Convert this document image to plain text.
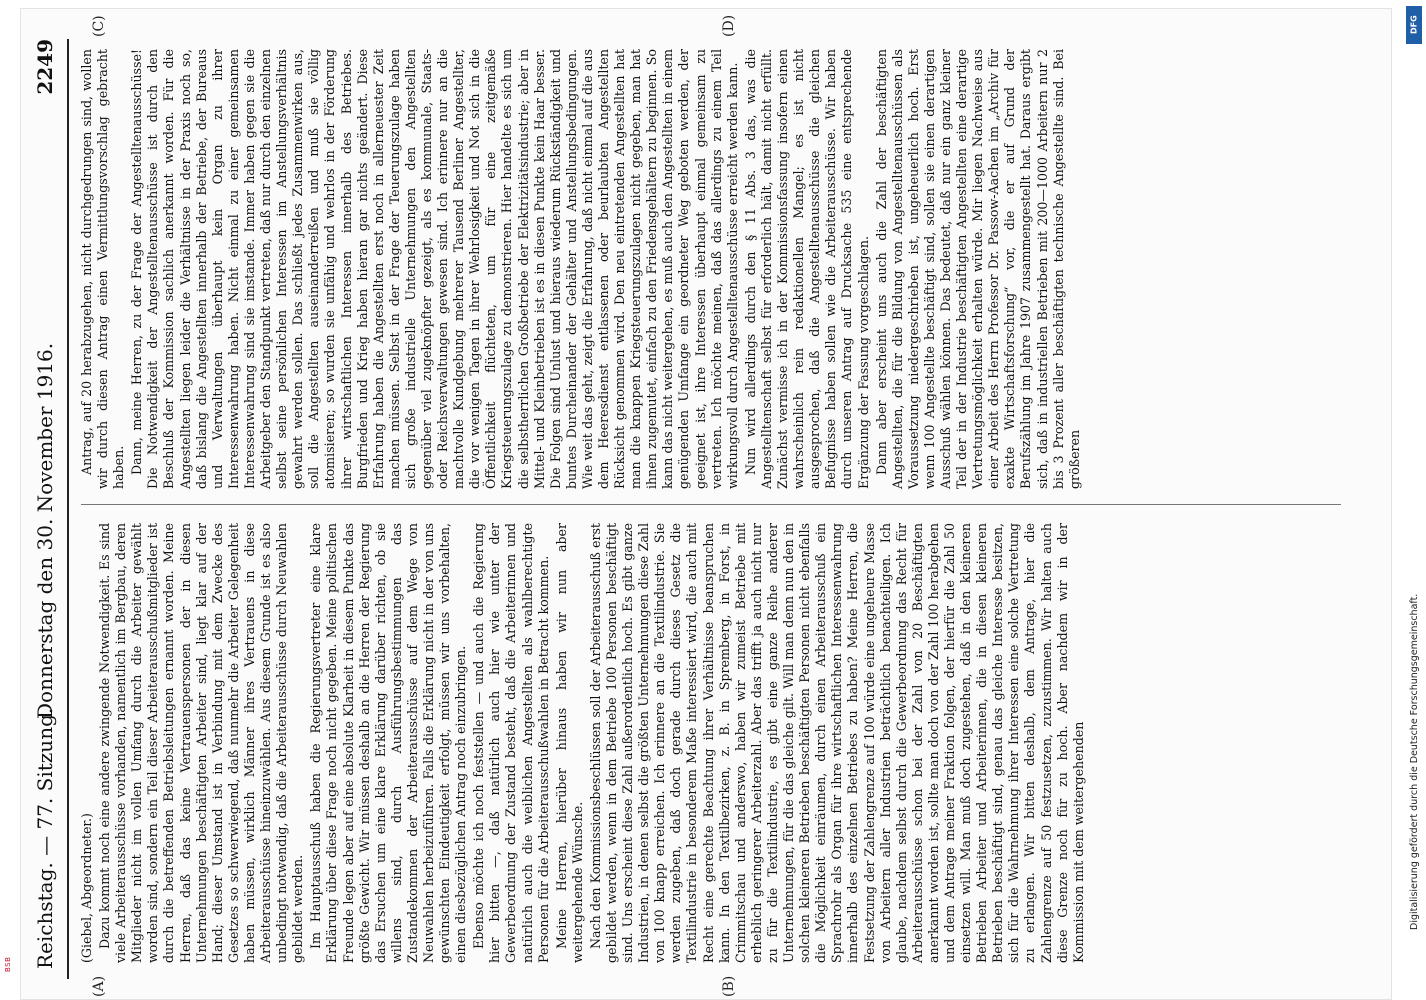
BSB Reichstag. — 77. Sitzung.
Donnerstag den 30. November 1916.
2249
(A)	(B)
(C)	(D)
(Giebel, Abgeordneter.) Dazu kommt noch eine andere zwingende Notwendigkeit. Es sind viele Arbeiterausschüsse vorhanden, namentlich im Bergbau, deren Mitglieder nicht im vollen Umfang durch die Arbeiter gewählt worden sind, sondern ein Teil dieser Arbeiterausschußmitglieder ist durch die betreffenden Betriebsleitungen ernannt worden. Meine Herren, daß das keine Vertrauenspersonen der in diesen Unternehmungen beschäftigten Arbeiter sind, liegt klar auf der Hand; dieser Umstand ist in Verbindung mit dem Zwecke des Gesetzes so schwerwiegend, daß nunmehr die Arbeiter Gelegenheit haben müssen, wirklich Männer ihres Vertrauens in diese Arbeiterausschüsse hineinzuwählen. Aus diesem Grunde ist es also unbedingt notwendig, daß die Arbeiterausschüsse durch Neuwahlen gebildet werden. Im Hauptausschuß haben die Regierungsvertreter eine klare Erklärung über diese Frage noch nicht gegeben. Meine politischen Freunde legen aber auf eine absolute Klarheit in diesem Punkte das größte Gewicht. Wir müssen deshalb an die Herren der Regierung das Ersuchen um eine klare Erklärung darüber richten, ob sie willens sind, durch Ausführungsbestimmungen das Zustandekommen der Arbeiterausschüsse auf dem Wege von Neuwahlen herbeizuführen. Falls die Erklärung nicht in der von uns gewünschten Eindeutigkeit erfolgt, müssen wir uns vorbehalten, einen diesbezüglichen Antrag noch einzubringen. Ebenso möchte ich noch feststellen — und auch die Regierung hier bitten —, daß natürlich auch hier wie unter der Gewerbeordnung der Zustand besteht, daß die Arbeiterinnen und natürlich auch die weiblichen Angestellten als wahlberechtigte Personen für die Arbeiterausschußwahlen in Betracht kommen. Meine Herren, hierüber hinaus haben wir nun aber weitergehende Wünsche. Nach den Kommissionsbeschlüssen soll der Arbeiterausschuß erst gebildet werden, wenn in dem Betriebe 100 Personen beschäftigt sind. Uns erscheint diese Zahl außerordentlich hoch. Es gibt ganze Industrien, in denen selbst die größten Unternehmungen diese Zahl von 100 knapp erreichen. Ich erinnere an die Textilindustrie. Sie werden zugeben, daß doch gerade durch dieses Gesetz die Textilindustrie in besonderem Maße interessiert wird, die auch mit Recht eine gerechte Beachtung ihrer Verhältnisse beanspruchen kann. In den Textilbezirken, z. B. in Spremberg, in Forst, in Crimmitschau und anderswo, haben wir zumeist Betriebe mit erheblich geringerer Arbeiterzahl. Aber das trifft ja auch nicht nur zu für die Textilindustrie, es gibt eine ganze Reihe anderer Unternehmungen, für die das gleiche gilt. Will man denn nun den in solchen kleineren Betrieben beschäftigten Personen nicht ebenfalls die Möglichkeit einräumen, durch einen Arbeiterausschuß ein Sprachrohr als Organ für ihre wirtschaftlichen Interessenwahrung innerhalb des einzelnen Betriebes zu haben? Meine Herren, die Festsetzung der Zahlengrenze auf 100 würde eine ungeheure Masse von Arbeitern aller Industrien beträchtlich benachteiligen. Ich glaube, nachdem selbst durch die Gewerbeordnung das Recht für Arbeiterausschüsse schon bei der Zahl von 20 Beschäftigten anerkannt worden ist, sollte man doch von der Zahl 100 herabgehen und dem Antrage meiner Fraktion folgen, der hierfür die Zahl 50 einsetzen will. Man muß doch zugestehen, daß in den kleineren Betrieben Arbeiter und Arbeiterinnen, die in diesen kleineren Betrieben beschäftigt sind, genau das gleiche Interesse besitzen, sich für die Wahrnehmung ihrer Interessen eine solche Vertretung zu erlangen. Wir bitten deshalb, dem Antrage, hier die Zahlengrenze auf 50 festzusetzen, zuzustimmen. Wir halten auch diese Grenze noch für zu hoch. Aber nachdem wir in der Kommission mit dem weitergehenden

Antrag, auf 20 herabzugehen, nicht durchgedrungen sind, wollen wir durch diesen Antrag einen Vermittlungsvorschlag gebracht haben. Dann, meine Herren, zu der Frage der Angestelltenausschüsse! Die Notwendigkeit der Angestelltenausschüsse ist durch den Beschluß der Kommission sachlich anerkannt worden. Für die Angestellten liegen leider die Verhältnisse in der Praxis noch so, daß bislang die Angestellten innerhalb der Betriebe, der Bureaus und Verwaltungen überhaupt kein Organ zu ihrer Interessenwahrung haben. Nicht einmal zu einer gemeinsamen Interessenwahrung sind sie imstande. Immer haben gegen sie die Arbeitgeber den Standpunkt vertreten, daß nur durch den einzelnen selbst seine persönlichen Interessen im Anstellungsverhältnis gewahrt werden sollen. Das schließt jedes Zusammenwirken aus, soll die Angestellten auseinanderreißen und muß sie völlig atomisieren; so wurden sie unfähig und wehrlos in der Förderung ihrer wirtschaftlichen Interessen innerhalb des Betriebes. Burgfrieden und Krieg haben hieran gar nichts geändert. Diese Erfahrung haben die Angestellten erst noch in allerneuester Zeit machen müssen. Selbst in der Frage der Teuerungszulage haben sich große industrielle Unternehmungen den Angestellten gegenüber viel zugeknöpfter gezeigt, als es kommunale, Staats- oder Reichsverwaltungen gewesen sind. Ich erinnere nur an die machtvolle Kundgebung mehrerer Tausend Berliner Angestellter, die vor wenigen Tagen in ihrer Wehrlosigkeit und Not sich in die Öffentlichkeit flüchteten, um für eine zeitgemäße Kriegsteuerungszulage zu demonstrieren. Hier handelte es sich um die selbstherrlichen Großbetriebe der Elektrizitätsindustrie; aber in Mittel- und Kleinbetrieben ist es in diesen Punkte kein Haar besser. Die Folgen sind Unlust und hieraus wiederum Rückständigkeit und buntes Durcheinander der Gehälter und Anstellungsbedingungen. Wie weit das geht, zeigt die Erfahrung, daß nicht einmal auf die aus dem Heeresdienst entlassenen oder beurlaubten Angestellten Rücksicht genommen wird. Den neu eintretenden Angestellten hat man die knappen Kriegsteuerungszulagen nicht gegeben, man hat ihnen zugemutet, einfach zu den Friedensgehältern zu beginnen. So kann das nicht weitergehen, es muß auch den Angestellten in einem genügenden Umfange ein geordneter Weg geboten werden, der geeignet ist, ihre Interessen überhaupt einmal gemeinsam zu vertreten. Ich möchte meinen, daß das allerdings zu einem Teil wirkungsvoll durch Angestelltenausschüsse erreicht werden kann. Nun wird allerdings durch den § 11 Abs. 3 das, was die Angestelltenschaft selbst für erforderlich hält, damit nicht erfüllt. Zunächst vermisse ich in der Kommissionsfassung insofern einen wahrscheinlich rein redaktionellen Mangel; es ist nicht ausgesprochen, daß die Angestelltenausschüsse die gleichen Befugnisse haben sollen wie die Arbeiterausschüsse. Wir haben durch unseren Antrag auf Drucksache 535 eine entsprechende Ergänzung der Fassung vorgeschlagen. Dann aber erscheint uns auch die Zahl der beschäftigten Angestellten, die für die Bildung von Angestelltenausschüssen als Voraussetzung niedergeschrieben ist, ungeheuerlich hoch. Erst wenn 100 Angestellte beschäftigt sind, sollen sie einen derartigen Ausschuß wählen können. Das bedeutet, daß nur ein ganz kleiner Teil der in der Industrie beschäftigten Angestellten eine derartige Vertretungsmöglichkeit erhalten würde. Mir liegen Nachweise aus einer Arbeit des Herrn Professor Dr. Passow-Aachen im „Archiv für exakte Wirtschaftsforschung“ vor, die er auf Grund der Berufszählung im Jahre 1907 zusammengestellt hat. Daraus ergibt sich, daß in industriellen Betrieben mit 200—1000 Arbeitern nur 2 bis 3 Prozent aller beschäftigten technische Angestellte sind. Bei größeren

DFG
Digitalisierung gefördert durch die Deutsche Forschungsgemeinschaft.
